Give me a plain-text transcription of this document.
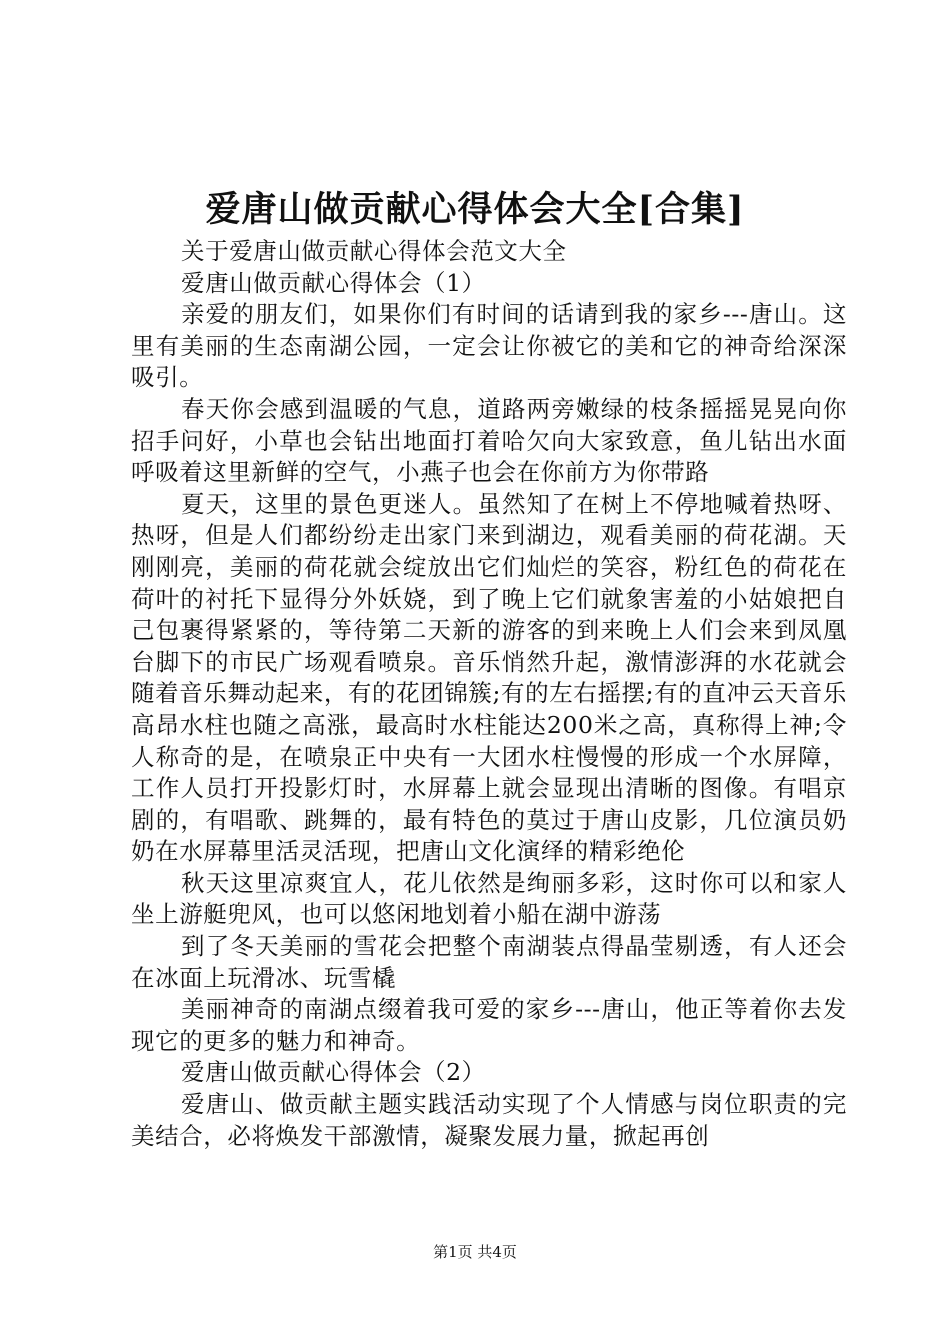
爱唐山做贡献心得体会大全[合集]

关于爱唐山做贡献心得体会范文大全

爱唐山做贡献心得体会（1）

亲爱的朋友们，如果你们有时间的话请到我的家乡---唐山。这里有美丽的生态南湖公园，一定会让你被它的美和它的神奇给深深吸引。

春天你会感到温暖的气息，道路两旁嫩绿的枝条摇摇晃晃向你招手问好，小草也会钻出地面打着哈欠向大家致意，鱼儿钻出水面呼吸着这里新鲜的空气，小燕子也会在你前方为你带路

夏天，这里的景色更迷人。虽然知了在树上不停地喊着热呀、热呀，但是人们都纷纷走出家门来到湖边，观看美丽的荷花湖。天刚刚亮，美丽的荷花就会绽放出它们灿烂的笑容，粉红色的荷花在荷叶的衬托下显得分外妖娆，到了晚上它们就象害羞的小姑娘把自己包裹得紧紧的，等待第二天新的游客的到来晚上人们会来到凤凰台脚下的市民广场观看喷泉。音乐悄然升起，激情澎湃的水花就会随着音乐舞动起来，有的花团锦簇;有的左右摇摆;有的直冲云天音乐高昂水柱也随之高涨，最高时水柱能达200米之高，真称得上神;令人称奇的是，在喷泉正中央有一大团水柱慢慢的形成一个水屏障，工作人员打开投影灯时，水屏幕上就会显现出清晰的图像。有唱京剧的，有唱歌、跳舞的，最有特色的莫过于唐山皮影，几位演员奶奶在水屏幕里活灵活现，把唐山文化演绎的精彩绝伦

秋天这里凉爽宜人，花儿依然是绚丽多彩，这时你可以和家人坐上游艇兜风，也可以悠闲地划着小船在湖中游荡

到了冬天美丽的雪花会把整个南湖装点得晶莹剔透，有人还会在冰面上玩滑冰、玩雪橇

美丽神奇的南湖点缀着我可爱的家乡---唐山，他正等着你去发现它的更多的魅力和神奇。

爱唐山做贡献心得体会（2）

爱唐山、做贡献主题实践活动实现了个人情感与岗位职责的完美结合，必将焕发干部激情，凝聚发展力量，掀起再创

第1页 共4页
